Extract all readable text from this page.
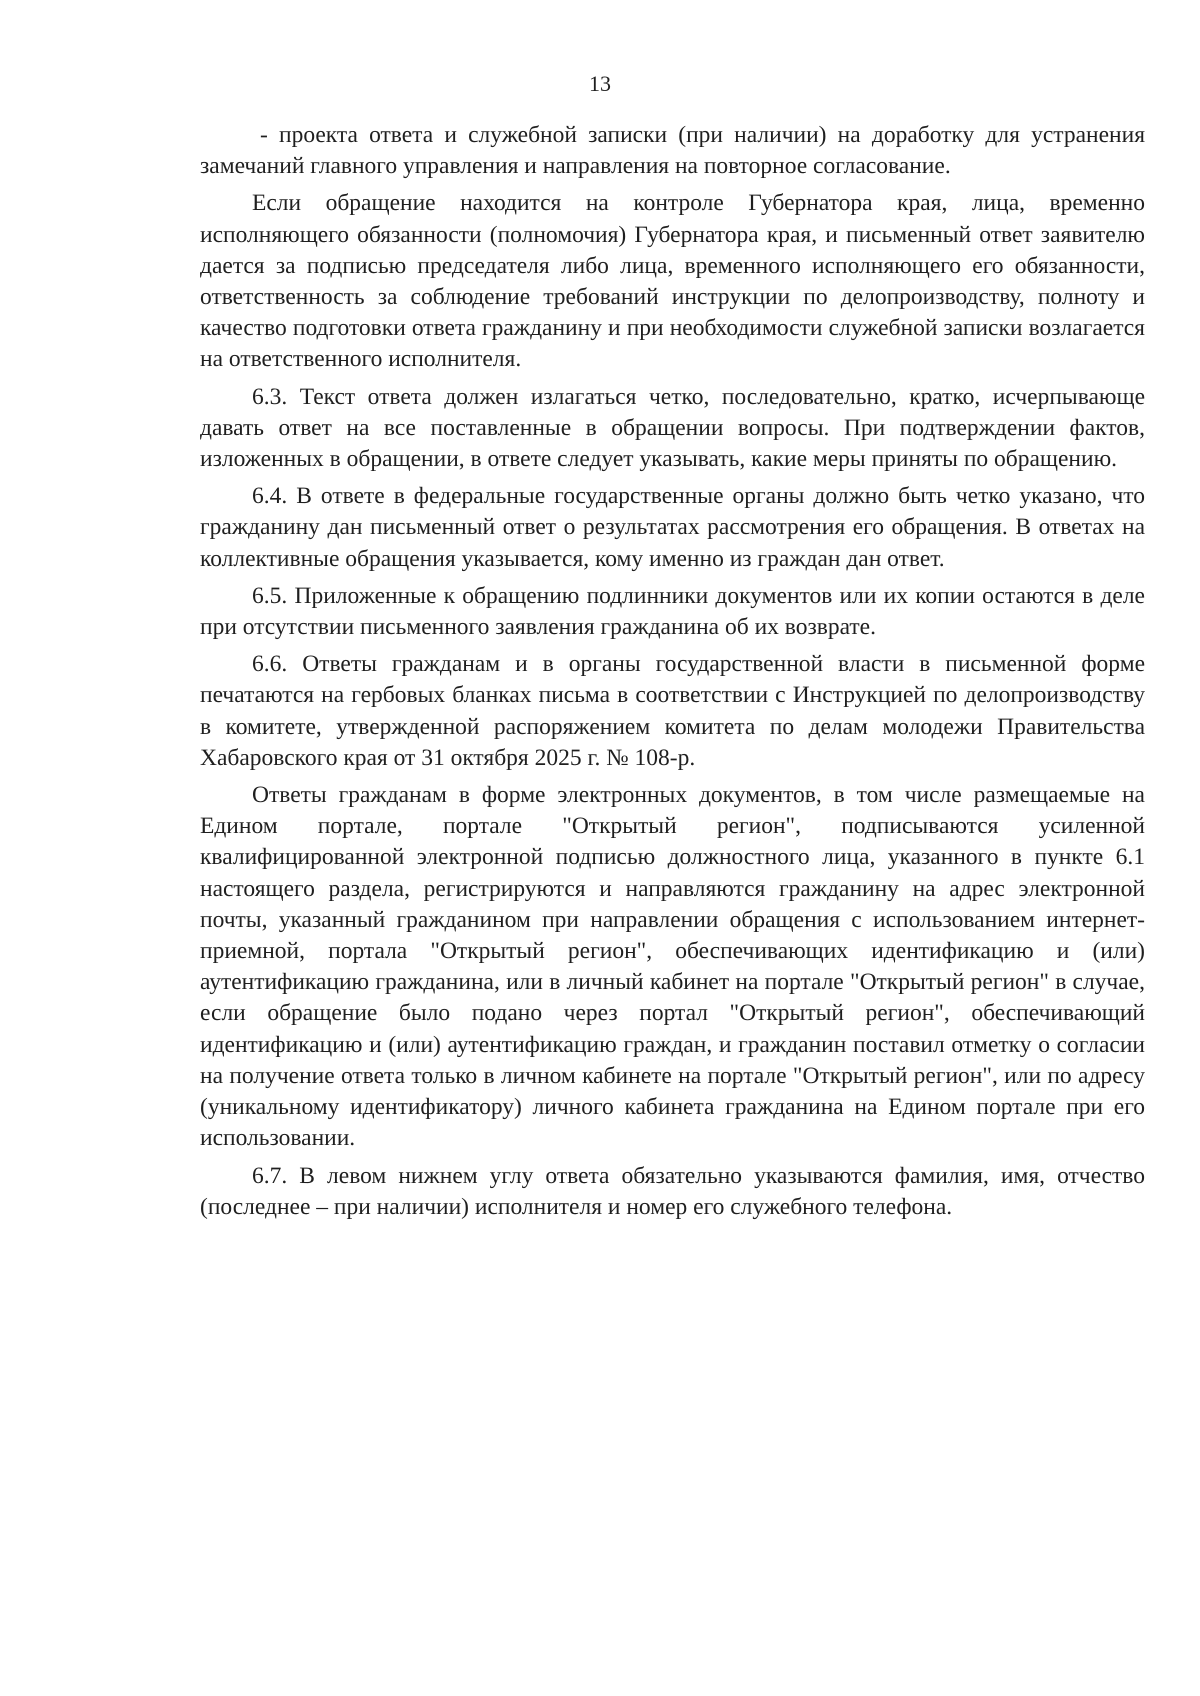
13

- проекта ответа и служебной записки (при наличии) на доработку для устранения замечаний главного управления и направления на повторное согласование.

Если обращение находится на контроле Губернатора края, лица, временно исполняющего обязанности (полномочия) Губернатора края, и письменный ответ заявителю дается за подписью председателя либо лица, временного исполняющего его обязанности, ответственность за соблюдение требований инструкции по делопроизводству, полноту и качество подготовки ответа гражданину и при необходимости служебной записки возлагается на ответственного исполнителя.

6.3. Текст ответа должен излагаться четко, последовательно, кратко, исчерпывающе давать ответ на все поставленные в обращении вопросы. При подтверждении фактов, изложенных в обращении, в ответе следует указывать, какие меры приняты по обращению.

6.4. В ответе в федеральные государственные органы должно быть четко указано, что гражданину дан письменный ответ о результатах рассмотрения его обращения. В ответах на коллективные обращения указывается, кому именно из граждан дан ответ.

6.5. Приложенные к обращению подлинники документов или их копии остаются в деле при отсутствии письменного заявления гражданина об их возврате.

6.6. Ответы гражданам и в органы государственной власти в письменной форме печатаются на гербовых бланках письма в соответствии с Инструкцией по делопроизводству в комитете, утвержденной распоряжением комитета по делам молодежи Правительства Хабаровского края от 31 октября 2025 г. № 108-р.

Ответы гражданам в форме электронных документов, в том числе размещаемые на Едином портале, портале "Открытый регион", подписываются усиленной квалифицированной электронной подписью должностного лица, указанного в пункте 6.1 настоящего раздела, регистрируются и направляются гражданину на адрес электронной почты, указанный гражданином при направлении обращения с использованием интернет-приемной, портала "Открытый регион", обеспечивающих идентификацию и (или) аутентификацию гражданина, или в личный кабинет на портале "Открытый регион" в случае, если обращение было подано через портал "Открытый регион", обеспечивающий идентификацию и (или) аутентификацию граждан, и гражданин поставил отметку о согласии на получение ответа только в личном кабинете на портале "Открытый регион", или по адресу (уникальному идентификатору) личного кабинета гражданина на Едином портале при его использовании.

6.7. В левом нижнем углу ответа обязательно указываются фамилия, имя, отчество (последнее – при наличии) исполнителя и номер его служебного телефона.
